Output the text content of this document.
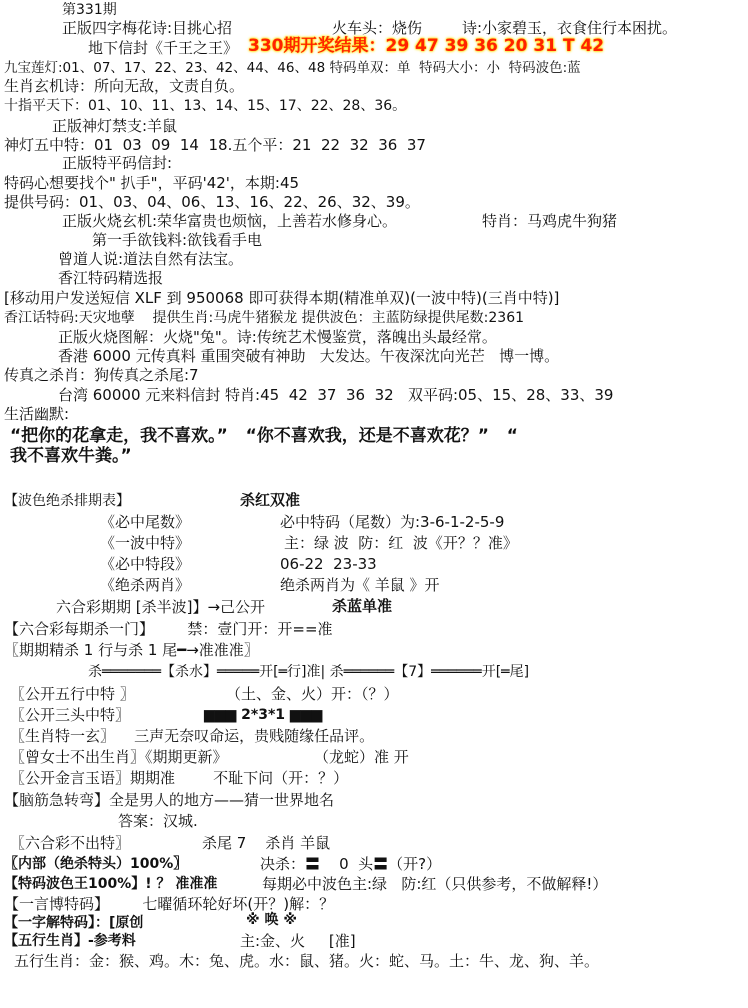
第331期
正版四字梅花诗:目挑心招	火车头：烧伤	诗:小家碧玉，衣食住行本困扰。
地下信封《千王之王》 330期开奖结果：29 47 39 36 20 31 T 42
九宝莲灯:01、07、17、22、23、42、44、46、48 特码单双：单  特码大小：小  特码波色:蓝
生肖玄机诗：所向无敌，文责自负。
十指平天下：01、10、11、13、14、15、17、22、28、36。
正版神灯禁支:羊鼠
神灯五中特：01  03  09  14  18.五个平：21  22  32  36  37
正版特平码信封:
特码心想要找个" 扒手"，平码'42'，本期:45
提供号码：01、03、04、06、13、16、22、26、32、39。
正版火烧玄机:荣华富贵也烦恼，上善若水修身心。	特肖：马鸡虎牛狗猪
第一手欲钱料:欲钱看手电
曾道人说:道法自然有法宝。
香江特码精选报
[移动用户发送短信 XLF 到 950068 即可获得本期(精准单双)(一波中特)(三肖中特)]
香江话特码:天灾地孽    提供生肖:马虎牛猪猴龙 提供波色：主蓝防绿提供尾数:2361
正版火烧图解：火烧"兔"。诗:传统艺术慢鉴赏，落魄出头最经常。
香港 6000 元传真料 重围突破有神助   大发达。午夜深沈向光芒   博一博。
传真之杀肖：狗传真之杀尾:7
台湾 60000 元来料信封 特肖:45  42  37  36  32   双平码:05、15、28、33、39
生活幽默:
“把你的花拿走，我不喜欢。”   “你不喜欢我，还是不喜欢花？”   “
我不喜欢牛粪。”
【波色绝杀排期表】	杀红双准
《必中尾数》	必中特码（尾数）为:3-6-1-2-5-9
《一波中特》	主：绿 波  防：红  波《开？？准》
《必中特段》	06-22  23-33
《绝杀两肖》	绝杀两肖为《 羊鼠 》开
六合彩期期 [杀半波]】→己公开	杀蓝单准
【六合彩每期杀一门】       禁：壹门开：开==准
〖期期精杀 1 行与杀 1 尾━→准准准〗
杀═══════【杀水】═════开[═行]准| 杀══════【7】══════开[═尾]
〖公开五行中特 〗	（土、金、火）开：（？）
〖公开三头中特〗	▆▆▆ 2*3*1 ▆▆▆
〖生肖特一玄〗    三声无奈叹命运，贵贱随缘任品评。
〖曾女士不出生肖〗《期期更新》	（龙蛇）准 开
〖公开金言玉语〗期期准        不耻下问（开：？）
【脑筋急转弯】全是男人的地方——猜一世界地名
答案：汉城.
〖六合彩不出特〗	杀尾 7    杀肖 羊鼠
〖内部（绝杀特头）100%〗	决杀：〓    0  头〓（开?）
【特码波色王100%】! ？ 准准准	每期必中波色主:绿   防:红（只供参考，不做解释!）
【一言博特码】       七曜循环轮好坏(开？)解：？
【一字解特码】：[原创	※ 唤 ※
【五行生肖】-参考料	主:金、火     [准]
五行生肖：金：猴、鸡。木：兔、虎。水：鼠、猪。火：蛇、马。土：牛、龙、狗、羊。
